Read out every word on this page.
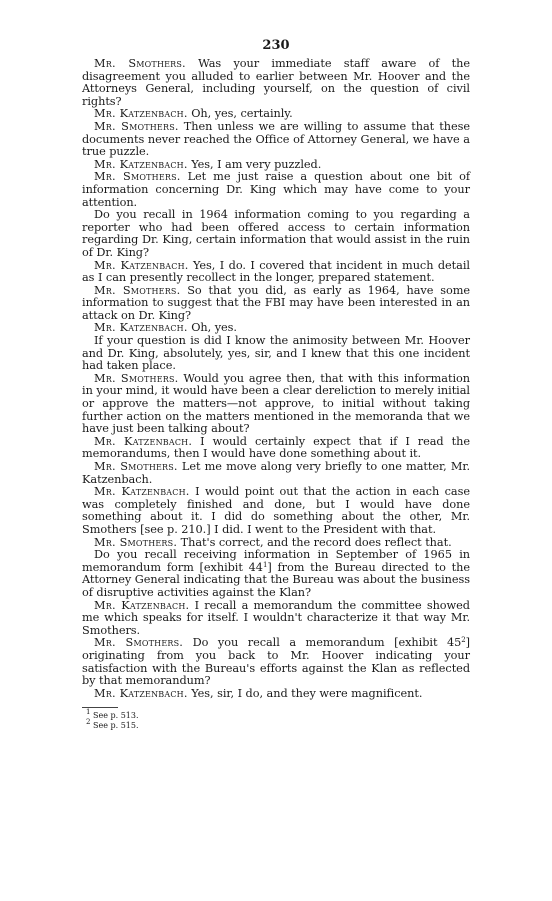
230

Mr. Smothers. Was your immediate staff aware of the disagreement you alluded to earlier between Mr. Hoover and the Attorneys General, including yourself, on the question of civil rights?

Mr. Katzenbach. Oh, yes, certainly.

Mr. Smothers. Then unless we are willing to assume that these documents never reached the Office of Attorney General, we have a true puzzle.

Mr. Katzenbach. Yes, I am very puzzled.

Mr. Smothers. Let me just raise a question about one bit of information concerning Dr. King which may have come to your attention.

Do you recall in 1964 information coming to you regarding a reporter who had been offered access to certain information regarding Dr. King, certain information that would assist in the ruin of Dr. King?

Mr. Katzenbach. Yes, I do. I covered that incident in much detail as I can presently recollect in the longer, prepared statement.

Mr. Smothers. So that you did, as early as 1964, have some information to suggest that the FBI may have been interested in an attack on Dr. King?

Mr. Katzenbach. Oh, yes.

If your question is did I know the animosity between Mr. Hoover and Dr. King, absolutely, yes, sir, and I knew that this one incident had taken place.

Mr. Smothers. Would you agree then, that with this information in your mind, it would have been a clear dereliction to merely initial or approve the matters—not approve, to initial without taking further action on the matters mentioned in the memoranda that we have just been talking about?

Mr. Katzenbach. I would certainly expect that if I read the memorandums, then I would have done something about it.

Mr. Smothers. Let me move along very briefly to one matter, Mr. Katzenbach.

Mr. Katzenbach. I would point out that the action in each case was completely finished and done, but I would have done something about it. I did do something about the other, Mr. Smothers [see p. 210.] I did. I went to the President with that.

Mr. Smothers. That's correct, and the record does reflect that.

Do you recall receiving information in September of 1965 in memorandum form [exhibit $44^1$] from the Bureau directed to the Attorney General indicating that the Bureau was about the business of disruptive activities against the Klan?

Mr. Katzenbach. I recall a memorandum the committee showed me which speaks for itself. I wouldn't characterize it that way Mr. Smothers.

Mr. Smothers. Do you recall a memorandum [exhibit $45^2$] originating from you back to Mr. Hoover indicating your satisfaction with the Bureau's efforts against the Klan as reflected by that memorandum?

Mr. Katzenbach. Yes, sir, I do, and they were magnificent.

$^1$ See p. 513.
$^2$ See p. 515.
